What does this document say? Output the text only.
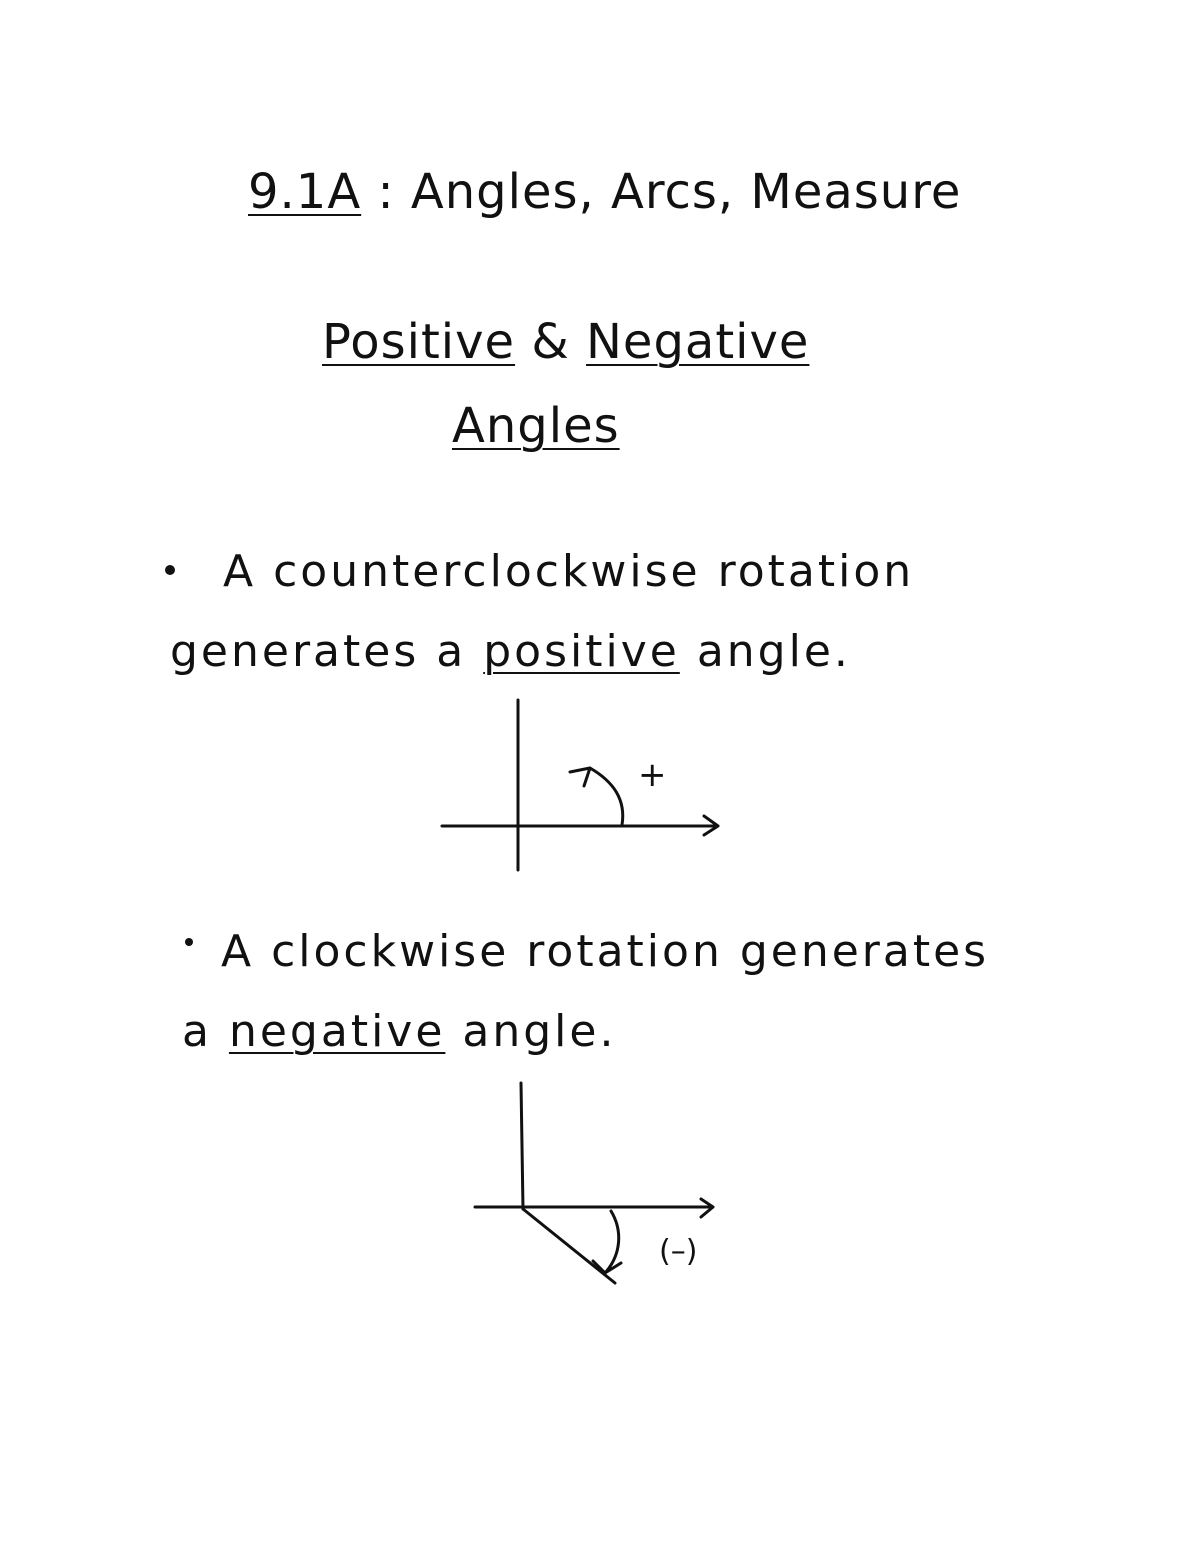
9.1A : Angles, Arcs, Measure
Positive & Negative
Angles
A counterclockwise rotation
generates a positive angle.
+
A clockwise rotation generates
a negative angle.
(–)
